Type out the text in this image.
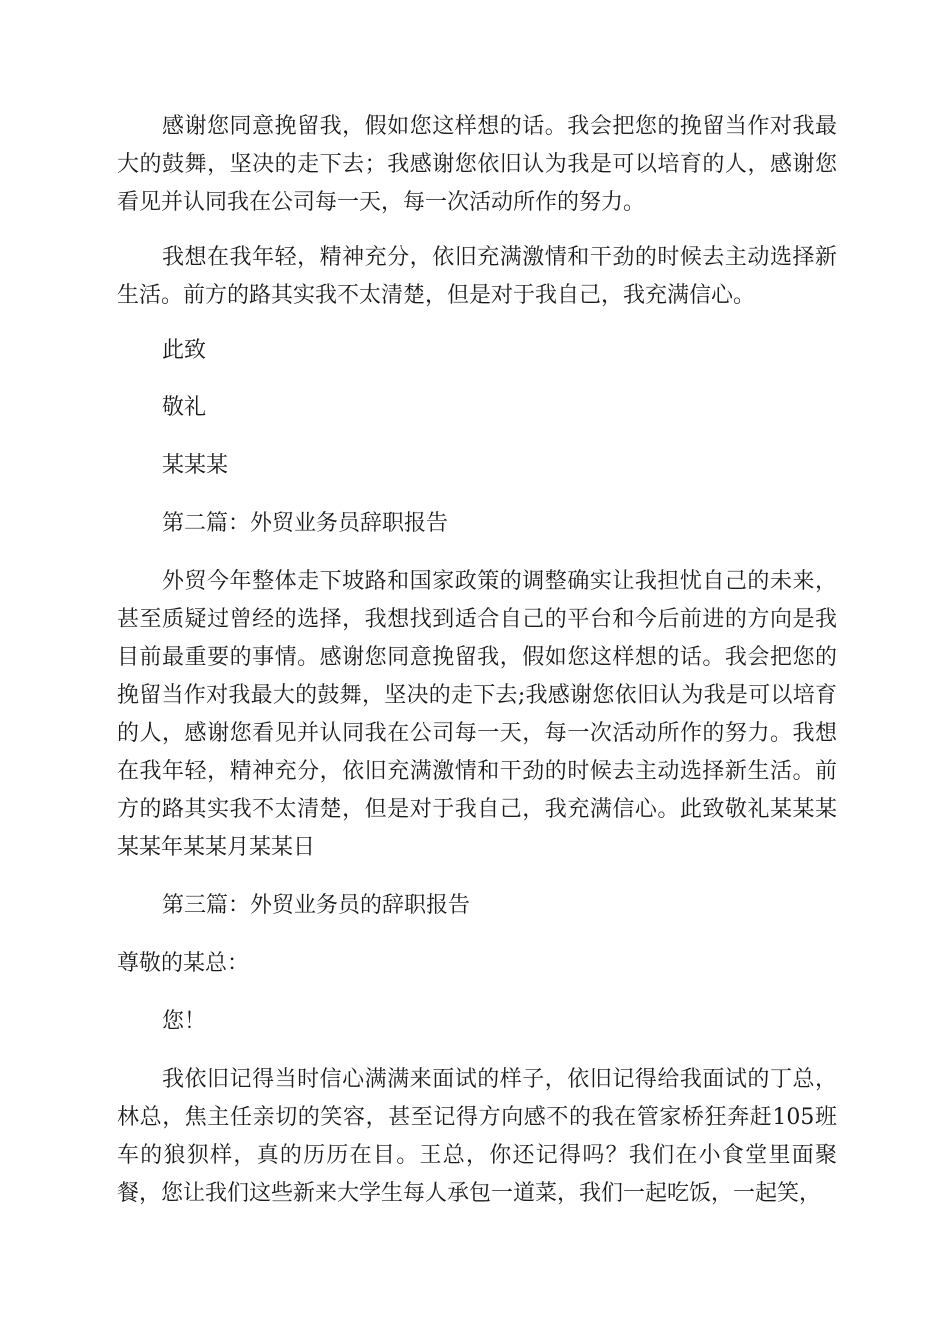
感谢您同意挽留我，假如您这样想的话。我会把您的挽留当作对我最大的鼓舞，坚决的走下去；我感谢您依旧认为我是可以培育的人，感谢您看见并认同我在公司每一天，每一次活动所作的努力。

我想在我年轻，精神充分，依旧充满激情和干劲的时候去主动选择新生活。前方的路其实我不太清楚，但是对于我自己，我充满信心。

此致

敬礼

某某某

第二篇：外贸业务员辞职报告

外贸今年整体走下坡路和国家政策的调整确实让我担忧自己的未来，甚至质疑过曾经的选择，我想找到适合自己的平台和今后前进的方向是我目前最重要的事情。感谢您同意挽留我，假如您这样想的话。我会把您的挽留当作对我最大的鼓舞，坚决的走下去;我感谢您依旧认为我是可以培育的人，感谢您看见并认同我在公司每一天，每一次活动所作的努力。我想在我年轻，精神充分，依旧充满激情和干劲的时候去主动选择新生活。前方的路其实我不太清楚，但是对于我自己，我充满信心。此致敬礼某某某某某年某某月某某日

第三篇：外贸业务员的辞职报告

尊敬的某总：

您！

我依旧记得当时信心满满来面试的样子，依旧记得给我面试的丁总，林总，焦主任亲切的笑容，甚至记得方向感不的我在管家桥狂奔赶105班车的狼狈样，真的历历在目。王总，你还记得吗？我们在小食堂里面聚餐，您让我们这些新来大学生每人承包一道菜，我们一起吃饭，一起笑，
